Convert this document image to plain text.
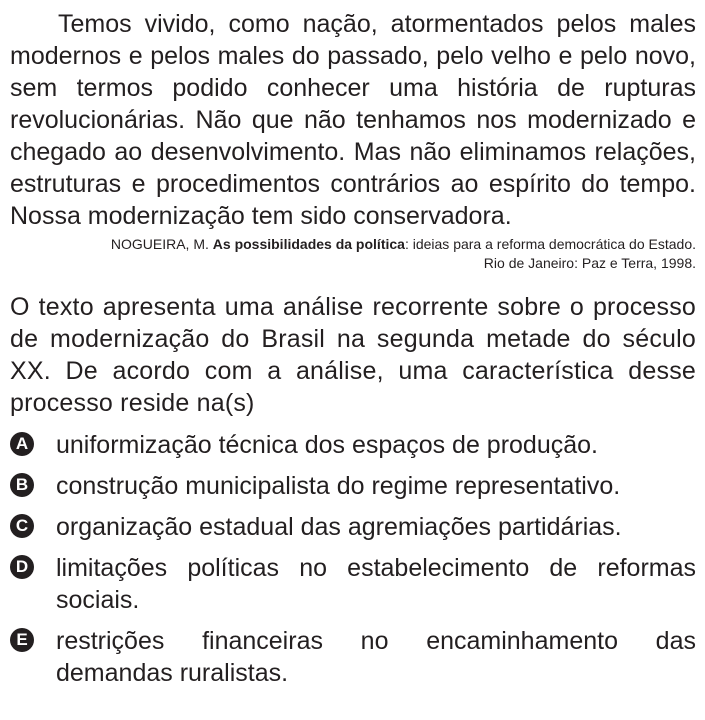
Temos vivido, como nação, atormentados pelos males modernos e pelos males do passado, pelo velho e pelo novo, sem termos podido conhecer uma história de rupturas revolucionárias. Não que não tenhamos nos modernizado e chegado ao desenvolvimento. Mas não eliminamos relações, estruturas e procedimentos contrários ao espírito do tempo. Nossa modernização tem sido conservadora.

NOGUEIRA, M. As possibilidades da política: ideias para a reforma democrática do Estado.
Rio de Janeiro: Paz e Terra, 1998.

O texto apresenta uma análise recorrente sobre o processo de modernização do Brasil na segunda metade do século XX. De acordo com a análise, uma característica desse processo reside na(s)

A uniformização técnica dos espaços de produção.
B construção municipalista do regime representativo.
C organização estadual das agremiações partidárias.
D limitações políticas no estabelecimento de reformas sociais.
E restrições financeiras no encaminhamento das demandas ruralistas.
